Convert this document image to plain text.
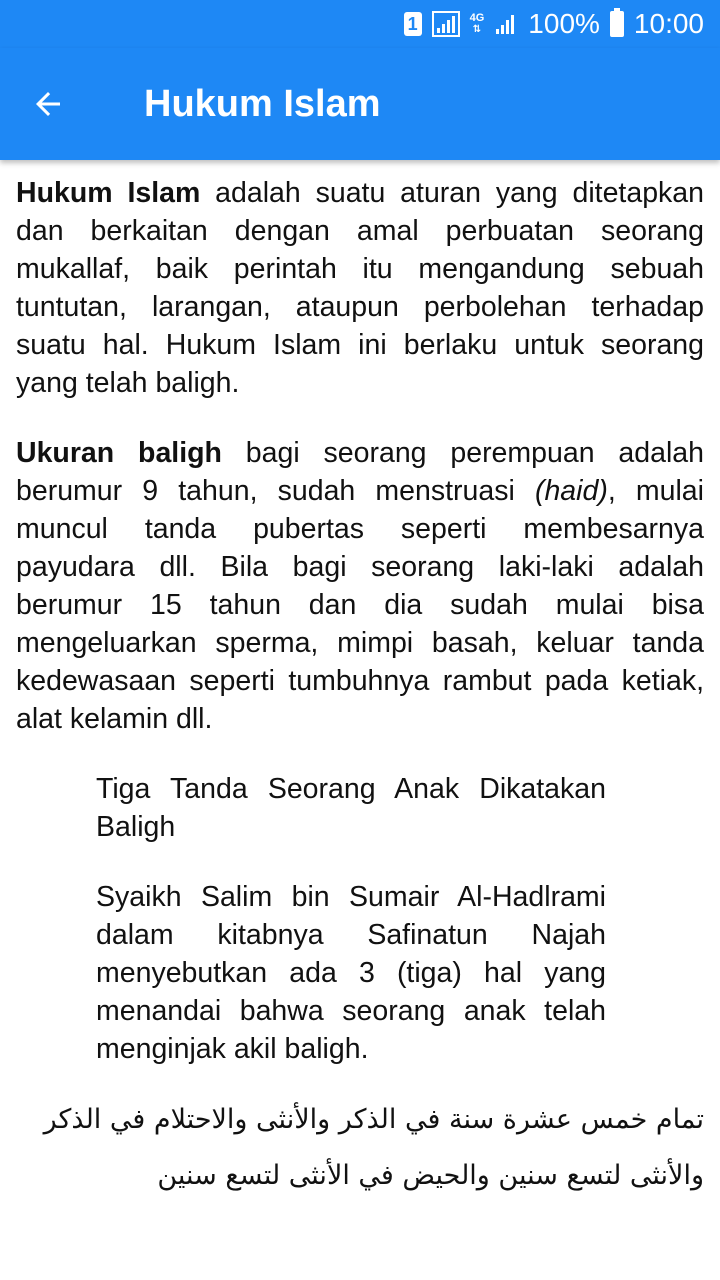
1	4G
⇅ 100% 10:00
Hukum Islam

Hukum Islam adalah suatu aturan yang ditetapkan dan berkaitan dengan amal perbuatan seorang mukallaf, baik perintah itu mengandung sebuah tuntutan, larangan, ataupun perbolehan terhadap suatu hal. Hukum Islam ini berlaku untuk seorang yang telah baligh.

Ukuran baligh bagi seorang perempuan adalah berumur 9 tahun, sudah menstruasi (haid), mulai muncul tanda pubertas seperti membesarnya payudara dll. Bila bagi seorang laki-laki adalah berumur 15 tahun dan dia sudah mulai bisa mengeluarkan sperma, mimpi basah, keluar tanda kedewasaan seperti tumbuhnya rambut pada ketiak, alat kelamin dll.

Tiga Tanda Seorang Anak Dikatakan Baligh

Syaikh Salim bin Sumair Al-Hadlrami dalam kitabnya Safinatun Najah menyebutkan ada 3 (tiga) hal yang menandai bahwa seorang anak telah menginjak akil baligh.

تمام خمس عشرة سنة في الذكر والأنثى والاحتلام في الذكر والأنثى لتسع سنين والحيض في الأنثى لتسع سنين
